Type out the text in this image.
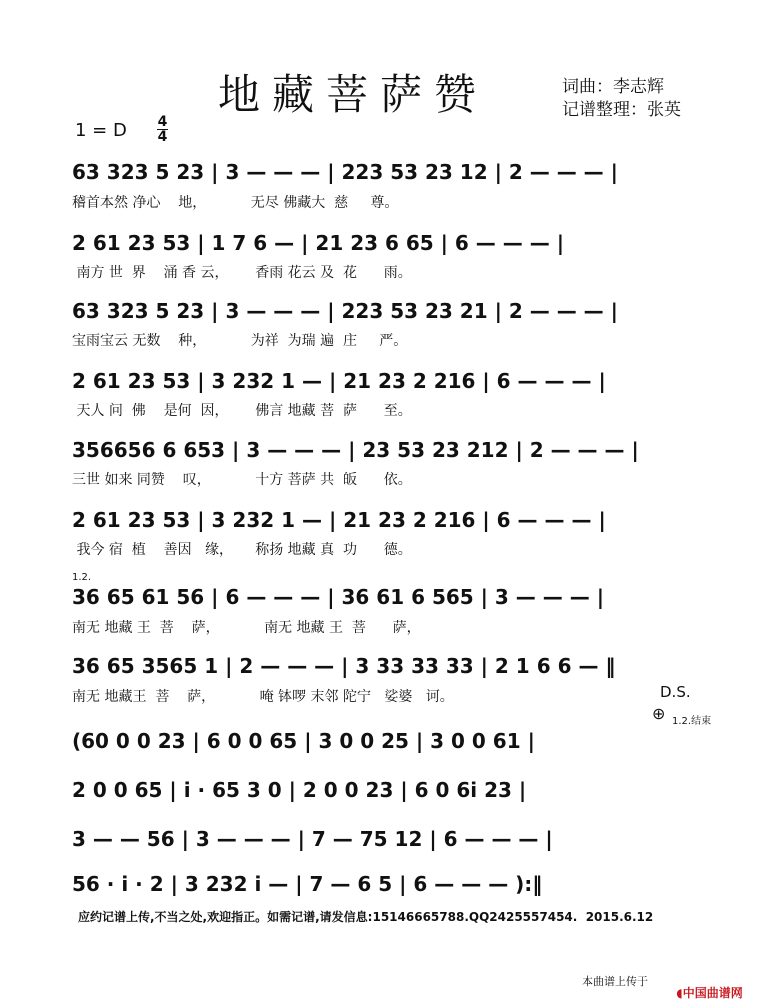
地藏菩萨赞	词曲：李志辉
记谱整理：张英
1 = D 4
4
63 323 5 23 | 3 — — — | 223 53 23 12 | 2 — — — |
稽首本然 净心    地，          无尽 佛藏大  慈     尊。
2 61 23 53 | 1 7 6 — | 21 23 6 65 | 6 — — — |
南方 世  界    涌 香 云，      香雨 花云 及  花      雨。
63 323 5 23 | 3 — — — | 223 53 23 21 | 2 — — — |
宝雨宝云 无数    种，          为祥  为瑞 遍  庄     严。
2 61 23 53 | 3 232 1 — | 21 23 2 216 | 6 — — — |
天人 问  佛    是何  因，      佛言 地藏 菩  萨      至。
356656 6 653 | 3 — — — | 23 53 23 212 | 2 — — — |
三世 如来 同赞    叹，          十方 菩萨 共  皈      依。
2 61 23 53 | 3 232 1 — | 21 23 2 216 | 6 — — — |
我今 宿  植    善因   缘，     称扬 地藏 真  功      德。
1.2.
36 65 61 56 | 6 — — — | 36 61 6 565 | 3 — — — |
南无 地藏 王  菩    萨，          南无 地藏 王  菩      萨，
36 65 3565 1 | 2 — — — | 3 33 33 33 | 2 1 6 6 — ‖
南无 地藏王  菩    萨，          唵 钵啰 末邻 陀宁   娑婆   诃。	D.S.
⊕ 1.2.结束
(60 0 0 23 | 6 0 0 65 | 3 0 0 25 | 3 0 0 61 |
2 0 0 65 | i · 65 3 0 | 2 0 0 23 | 6 0 6i 23 |
3 — — 56 | 3 — — — | 7 — 75 12 | 6 — — — |
56 · i · 2 | 3 232 i — | 7 — 6 5 | 6 — — — ):‖
应约记谱上传,不当之处,欢迎指正。如需记谱,请发信息:15146665788.QQ2425557454.  2015.6.12
本曲谱上传于

◖中国曲谱网
